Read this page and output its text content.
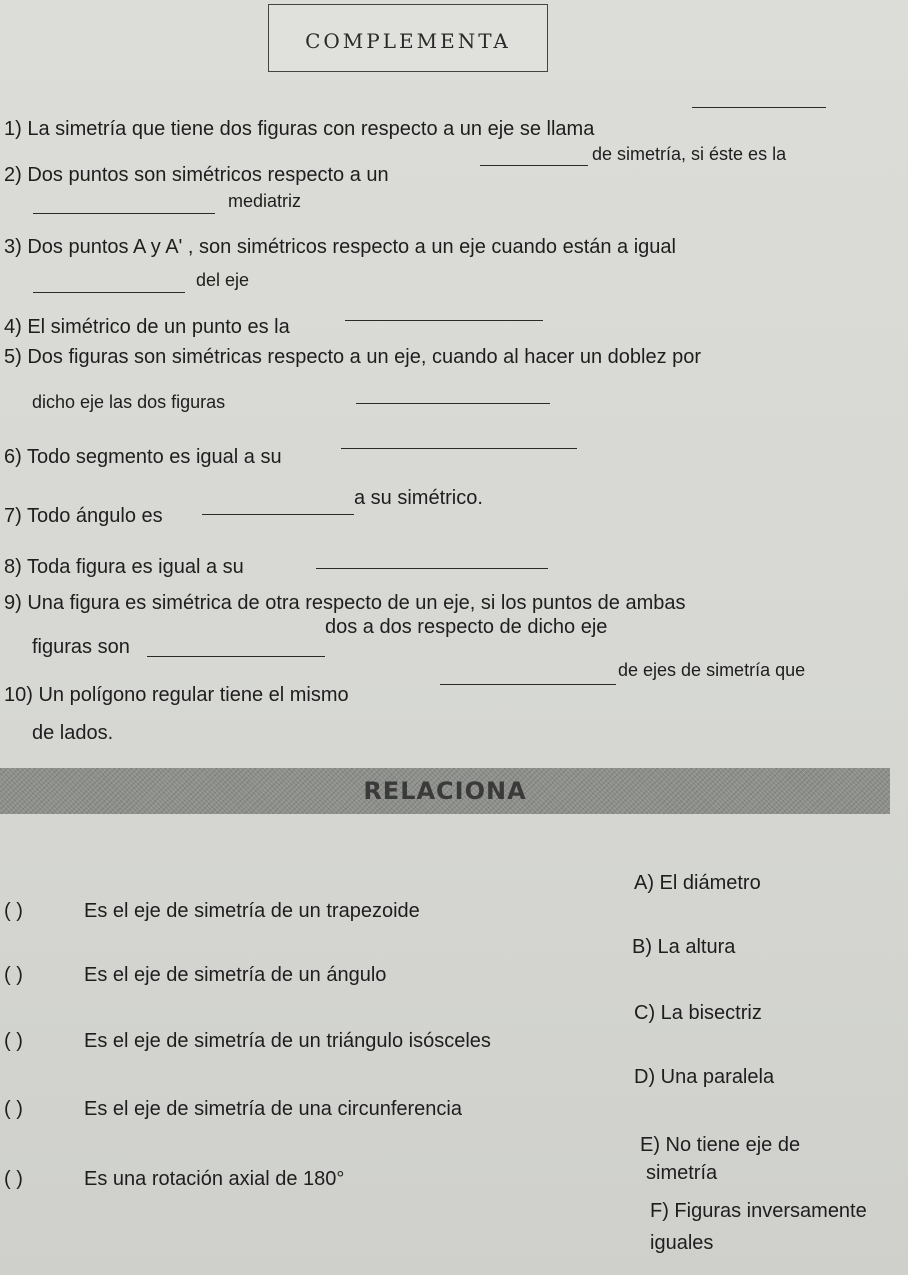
complementa
1) La simetría que tiene dos figuras con respecto a un eje se llama
de simetría, si éste es la
2) Dos puntos son simétricos respecto a un
mediatriz
3) Dos puntos A y A' , son simétricos respecto a un eje cuando están a igual
del eje
4) El simétrico de un punto es la
5) Dos figuras son simétricas respecto a un eje, cuando al hacer un doblez por
dicho eje las dos figuras
6) Todo segmento es igual a su
7) Todo ángulo es
a su simétrico.
8) Toda figura es igual a su
9) Una figura es simétrica de otra respecto de un eje, si los puntos de ambas
figuras son
dos a dos respecto de dicho eje
de ejes de simetría que
10) Un polígono regular tiene el mismo
de lados.
RELACIONA
( )	Es el eje de simetría de un trapezoide
( )	Es el eje de simetría de un ángulo
( )	Es el eje de simetría de un triángulo isósceles
( )	Es el eje de simetría de una circunferencia
( )	Es una rotación axial de 180°
A) El diámetro
B) La altura
C) La bisectriz
D) Una paralela
E) No tiene eje de
simetría
F) Figuras inversamente
iguales
